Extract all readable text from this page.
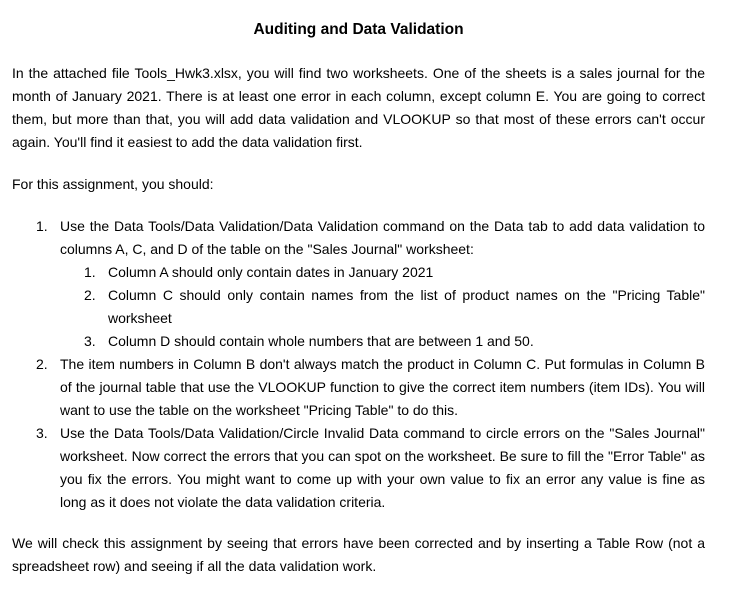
Auditing and Data Validation

In the attached file Tools_Hwk3.xlsx, you will find two worksheets. One of the sheets is a sales journal for the month of January 2021. There is at least one error in each column, except column E. You are going to correct them, but more than that, you will add data validation and VLOOKUP so that most of these errors can't occur again. You'll find it easiest to add the data validation first.

For this assignment, you should:

1. Use the Data Tools/Data Validation/Data Validation command on the Data tab to add data validation to columns A, C, and D of the table on the "Sales Journal" worksheet:
1. Column A should only contain dates in January 2021
2. Column C should only contain names from the list of product names on the "Pricing Table" worksheet
3. Column D should contain whole numbers that are between 1 and 50.
2. The item numbers in Column B don't always match the product in Column C. Put formulas in Column B of the journal table that use the VLOOKUP function to give the correct item numbers (item IDs). You will want to use the table on the worksheet "Pricing Table" to do this.
3. Use the Data Tools/Data Validation/Circle Invalid Data command to circle errors on the "Sales Journal" worksheet. Now correct the errors that you can spot on the worksheet. Be sure to fill the "Error Table" as you fix the errors. You might want to come up with your own value to fix an error any value is fine as long as it does not violate the data validation criteria.

We will check this assignment by seeing that errors have been corrected and by inserting a Table Row (not a spreadsheet row) and seeing if all the data validation work.
